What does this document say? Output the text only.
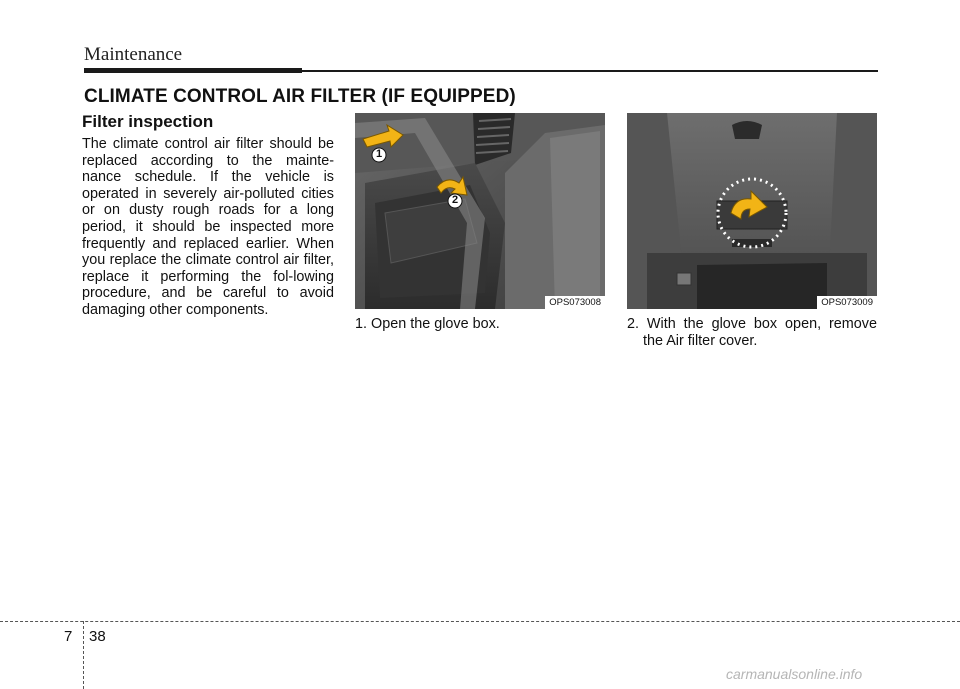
Maintenance
CLIMATE CONTROL AIR FILTER (IF EQUIPPED)
Filter inspection

The climate control air filter should be replaced according to the mainte-nance schedule. If the vehicle is operated in severely air-polluted cities or on dusty rough roads for a long period, it should be inspected more frequently and replaced earlier. When you replace the climate control air filter, replace it performing the fol-lowing procedure, and be careful to avoid damaging other components.

1
2
OPS073008	OPS073009
1. Open the glove box.	2. With the glove box open, remove the Air filter cover.
7 38
carmanualsonline.info
